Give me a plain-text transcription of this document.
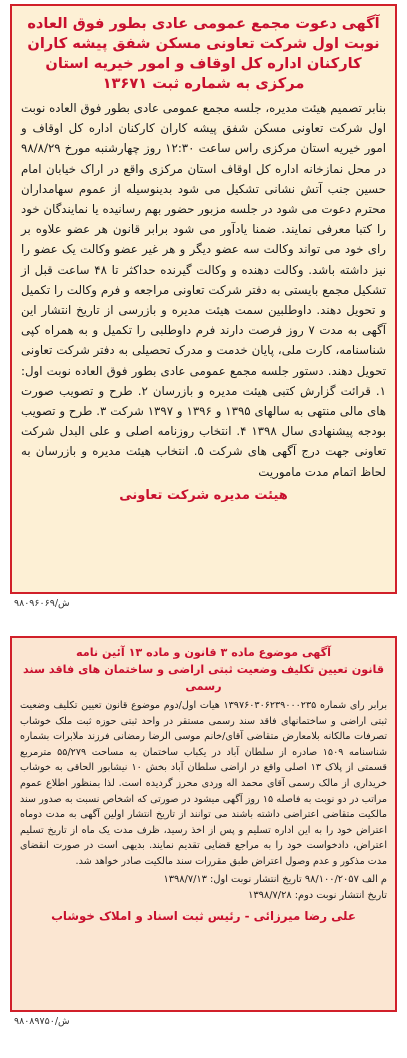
آگهی دعوت مجمع عمومی عادی بطور فوق العاده نوبت اول شرکت تعاونی مسکن شفق پیشه کاران کارکنان اداره کل اوقاف و امور خیریه استان مرکزی به شماره ثبت ۱۳۶۷۱

بنابر تصمیم هیئت مدیره، جلسه مجمع عمومی عادی بطور فوق العاده نوبت اول شرکت تعاونی مسکن شفق پیشه کاران کارکنان اداره کل اوقاف و امور خیریه استان مرکزی راس ساعت ۱۲:۳۰ روز چهارشنبه مورخ ۹۸/۸/۲۹ در محل نمازخانه اداره کل اوقاف استان مرکزی واقع در اراک خیابان امام حسین جنب آتش نشانی تشکیل می شود بدینوسیله از عموم سهامداران محترم دعوت می شود در جلسه مزبور حضور بهم رسانیده یا نمایندگان خود را کتبا معرفی نمایند. ضمنا یادآور می شود برابر قانون هر عضو علاوه بر رای خود می تواند وکالت سه عضو دیگر و هر غیر عضو وکالت یک عضو را نیز داشته باشد. وکالت دهنده و وکالت گیرنده حداکثر تا ۴۸ ساعت قبل از تشکیل مجمع بایستی به دفتر شرکت تعاونی مراجعه و فرم وکالت را تکمیل و تحویل دهند. داوطلبین سمت هیئت مدیره و بازرسی از تاریخ انتشار این آگهی به مدت ۷ روز فرصت دارند فرم داوطلبی را تکمیل و به همراه کپی شناسنامه، کارت ملی، پایان خدمت و مدرک تحصیلی به دفتر شرکت تعاونی تحویل دهند. دستور جلسه مجمع عمومی عادی بطور فوق العاده نوبت اول: ۱. قرائت گزارش کتبی هیئت مدیره و بازرسان ۲. طرح و تصویب صورت های مالی منتهی به سالهای ۱۳۹۵ و ۱۳۹۶ و ۱۳۹۷ شرکت ۳. طرح و تصویب بودجه پیشنهادی سال ۱۳۹۸ ۴. انتخاب روزنامه اصلی و علی البدل شرکت تعاونی جهت درج آگهی های شرکت ۵. انتخاب هیئت مدیره و بازرسان به لحاظ اتمام مدت ماموریت

هیئت مدیره شرکت تعاونی
ش/۹۸۰۹۶۰۶۹
آگهی موضوع ماده ۳ قانون و ماده ۱۳ آئین نامه
قانون تعیین تکلیف وضعیت ثبتی اراضی و ساختمان های فاقد سند رسمی

برابر رای شماره ۱۳۹۷۶۰۳۰۶۲۳۹۰۰۰۲۳۵ هیات اول/دوم موضوع قانون تعیین تکلیف وضعیت ثبتی اراضی و ساختمانهای فاقد سند رسمی مستقر در واحد ثبتی حوزه ثبت ملک خوشاب تصرفات مالکانه بلامعارض متقاضی آقای/خانم موسی الرضا رمضانی فرزند ملابرات بشماره شناسنامه ۱۵۰۹ صادره از سلطان آباد در یکباب ساختمان به مساحت ۵۵/۲۷۹ مترمربع قسمتی از پلاک ۱۳ اصلی واقع در اراضی سلطان آباد بخش ۱۰ نیشابور الحاقی به خوشاب خریداری از مالک رسمی آقای محمد اله وردی محرز گردیده است. لذا بمنظور اطلاع عموم مراتب در دو نوبت به فاصله ۱۵ روز آگهی میشود در صورتی که اشخاص نسبت به صدور سند مالکیت متقاضی اعتراضی داشته باشند می توانند از تاریخ انتشار اولین آگهی به مدت دوماه اعتراض خود را به این اداره تسلیم و پس از اخذ رسید، ظرف مدت یک ماه از تاریخ تسلیم اعتراض، دادخواست خود را به مراجع قضایی تقدیم نمایند. بدیهی است در صورت انقضای مدت مذکور و عدم وصول اعتراض طبق مقررات سند مالکیت صادر خواهد شد.

م الف ۹۸/۱۰۰/۲۰۵۷ تاریخ انتشار نوبت اول: ۱۳۹۸/۷/۱۳
تاریخ انتشار نوبت دوم: ۱۳۹۸/۷/۲۸
علی رضا میرزائی - رئیس ثبت اسناد و املاک خوشاب
ش/۹۸۰۸۹۷۵۰
